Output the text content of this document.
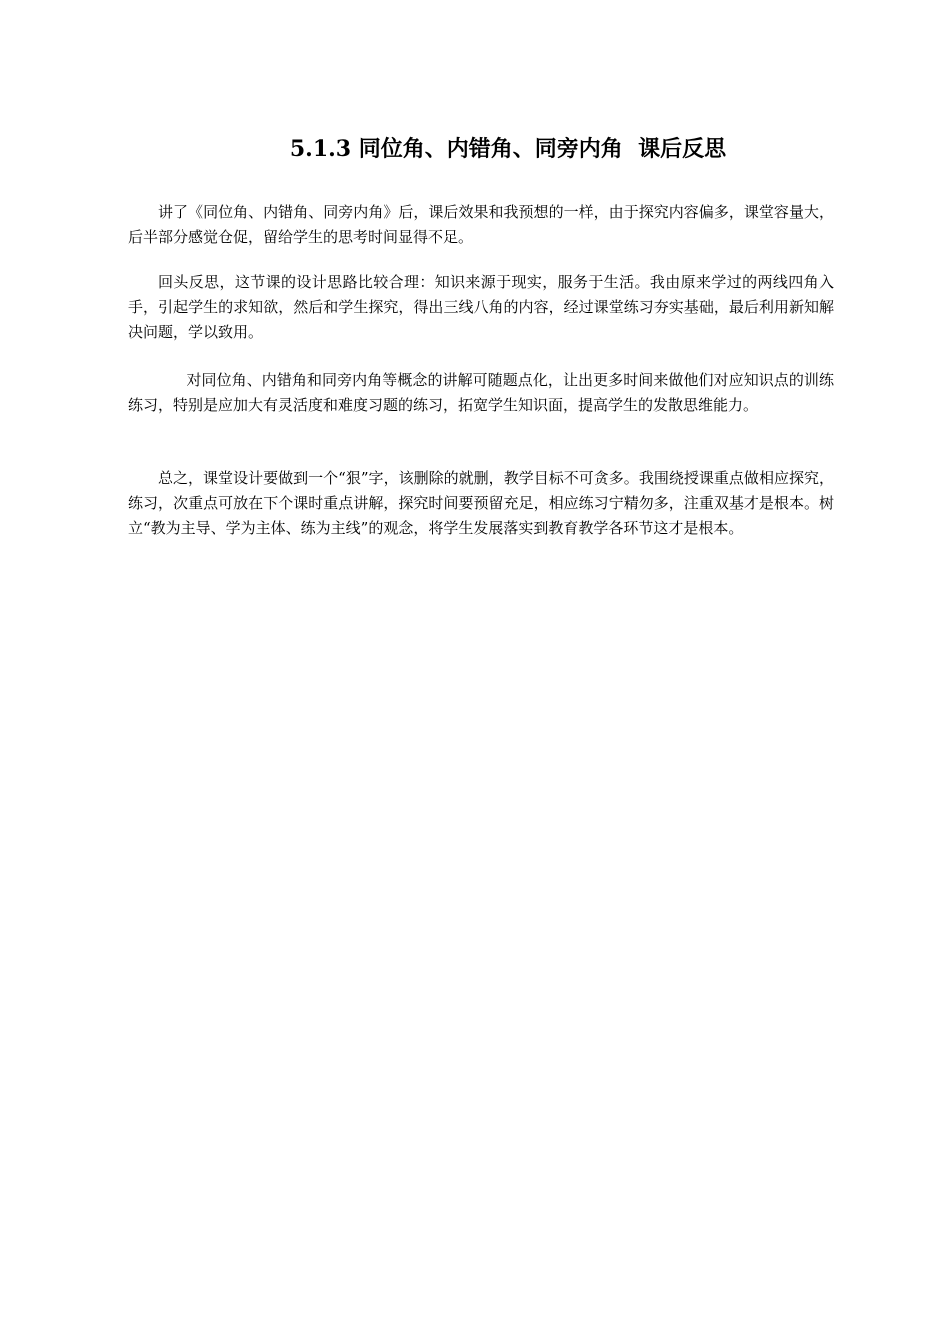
5.1.3 同位角、内错角、同旁内角  课后反思

讲了《同位角、内错角、同旁内角》后，课后效果和我预想的一样，由于探究内容偏多，课堂容量大，后半部分感觉仓促，留给学生的思考时间显得不足。

回头反思，这节课的设计思路比较合理：知识来源于现实，服务于生活。我由原来学过的两线四角入手，引起学生的求知欲，然后和学生探究，得出三线八角的内容，经过课堂练习夯实基础，最后利用新知解决问题，学以致用。

对同位角、内错角和同旁内角等概念的讲解可随题点化，让出更多时间来做他们对应知识点的训练练习，特别是应加大有灵活度和难度习题的练习，拓宽学生知识面，提高学生的发散思维能力。

总之，课堂设计要做到一个“狠”字，该删除的就删，教学目标不可贪多。我围绕授课重点做相应探究，练习，次重点可放在下个课时重点讲解，探究时间要预留充足，相应练习宁精勿多，注重双基才是根本。树立“教为主导、学为主体、练为主线”的观念，将学生发展落实到教育教学各环节这才是根本。
